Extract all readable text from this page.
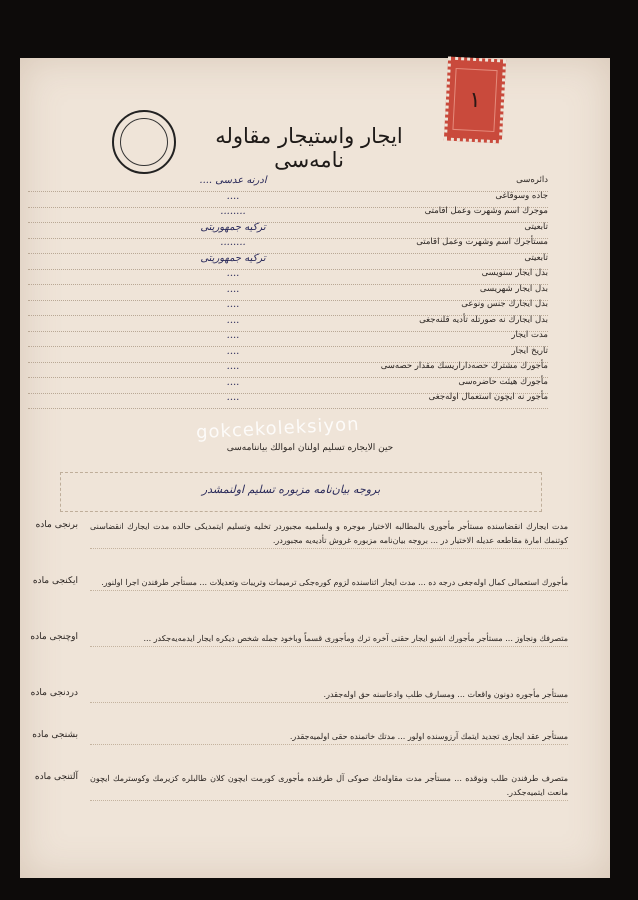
۱
ایجار واستیجار مقاوله نامه‌سی
ادرنه عدسی ....	دائره‌سی
....	جاده وسوقاغی
........	موجرك اسم وشهرت وعمل اقامتی
ترکیه جمهوریتی	تابعیتی
........	مستأجرك اسم وشهرت وعمل اقامتی
ترکیه جمهوریتی	تابعیتی
....	بدل ایجار سنویسی
....	بدل ایجار شهریسی
....	بدل ایجارك جنس ونوعی
....	بدل ایجارك نه صورتله تأدیه قلنه‌جغی
....	مدت ایجار
....	تاریخ ایجار
....	مأجورك مشترك حصه‌داراریسك مقدار حصه‌سی
....	مأجورك هیئت حاضره‌سی
....	مأجور نه ایچون استعمال اوله‌جغی
gokcekoleksiyon
حین الایجاره تسلیم اولنان اموالك بیاننامه‌سی
بروجه بیان‌نامه مزبوره تسلیم اولنمشدر
برنجی ماده مدت ایجارك انقضاسنده مستأجر مأجوری بالمطالبه الاختیار موجره و ولسلمیه مجبوردر تخلیه وتسلیم ایتمدیکی حالده مدت ایجارك انقضاسنی کوتنمك امارة مقاطعه عدیله الاختیار در ... بروجه بیان‌نامه مزبوره غروش تأدیه‌یه مجبوردر.
ایکنجی ماده	مأجورك استعمالی کمال اوله‌جغی درجه ده ... مدت ایجار اثناسنده لزوم کوره‌جکی ترمیمات وتریبات وتعدیلات ... مستأجر طرفندن اجرا اولنور.
اوچنجی ماده	متصرفك ونجاوز ... مستأجر مأجورك اشبو ایجار حقنی آخره ترك ومأجوری قسماً وباخود جمله شخص دیکره ایجار ایدمه‌یه‌جکدر ...
دردنجی ماده	مستأجر مأجوره دونون واقعات ... ومسارف طلب وادعاسنه حق اوله‌جقدر.
بشنجی ماده	مستأجر عقد ایجاری تجدید ایتمك آرزوسنده اولور ... مدتك خاتمنده حقی اولمیه‌جقدر.
آلتنجی ماده متصرف طرفندن طلب ونوقده ... مستأجر مدت مقاوله‌ئك صوكی آل طرفنده مأجوری کورمت ایچون کلان طالبلره کزیرمك وکوسترمك ایچون مانعت ایتمیه‌جکدر.
